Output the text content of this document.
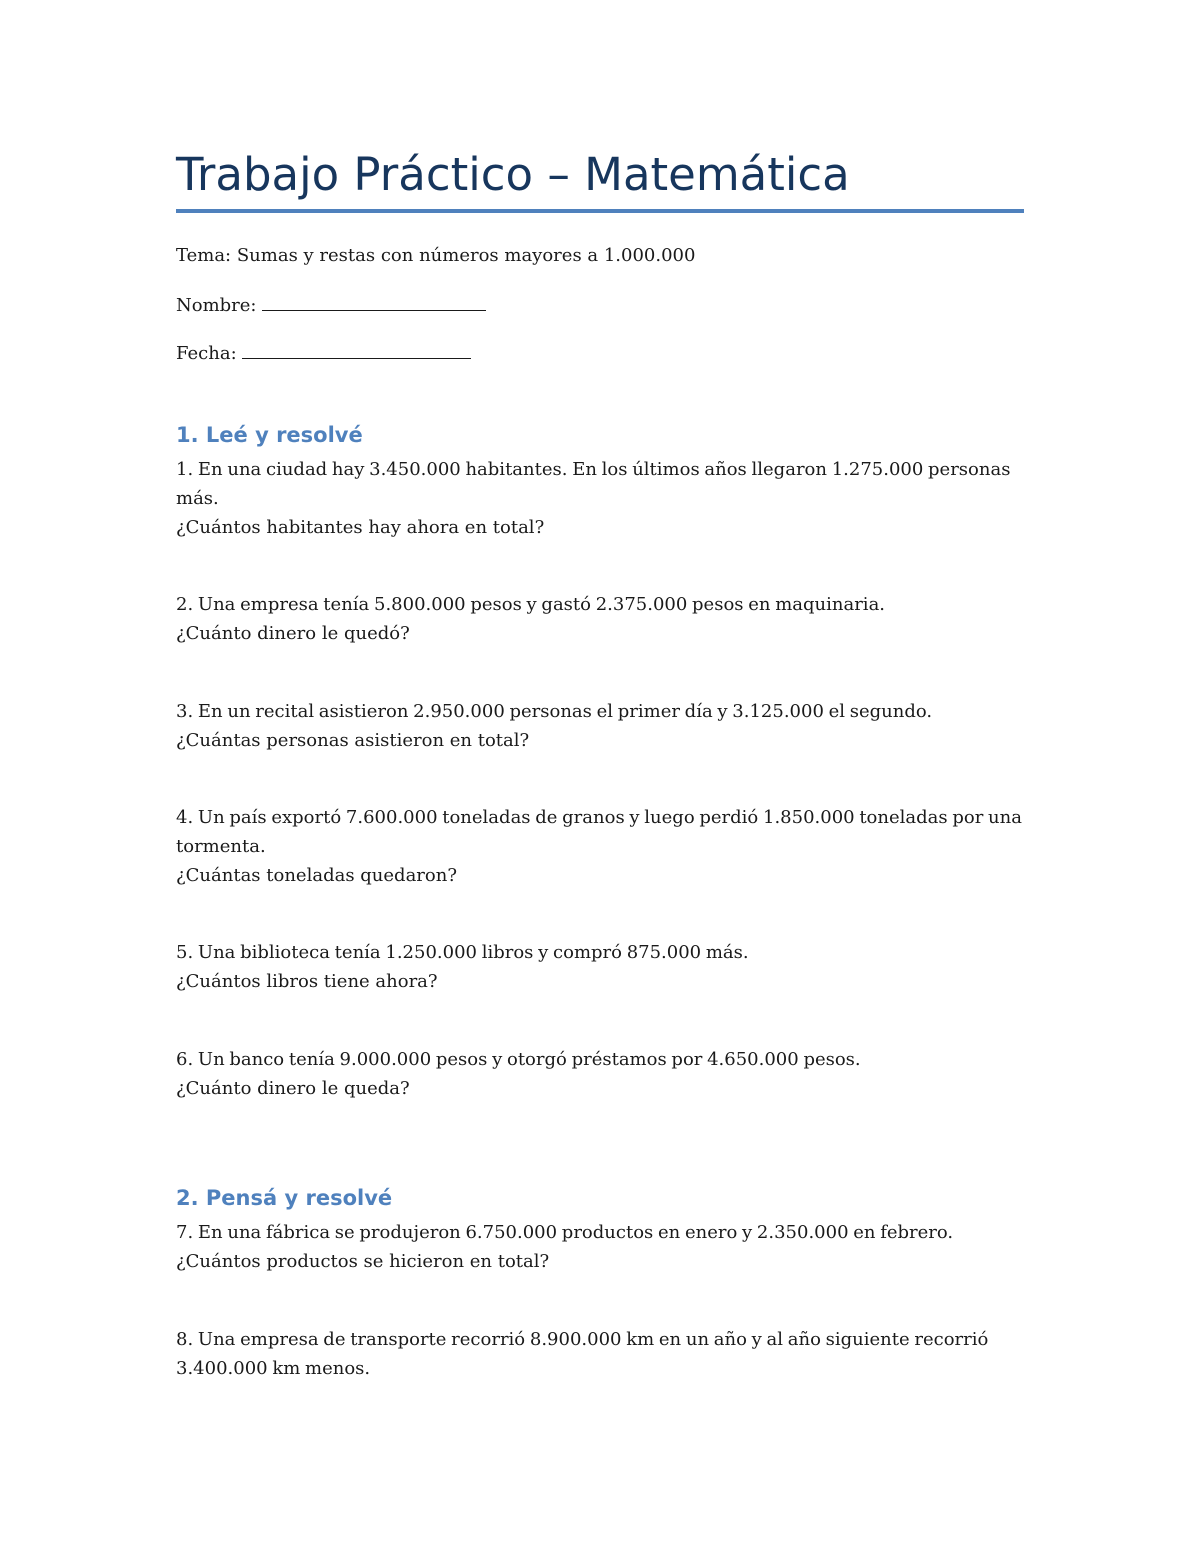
Trabajo Práctico – Matemática
Tema: Sumas y restas con números mayores a 1.000.000
Nombre:
Fecha:
1. Leé y resolvé
1. En una ciudad hay 3.450.000 habitantes. En los últimos años llegaron 1.275.000 personas más.
¿Cuántos habitantes hay ahora en total?
2. Una empresa tenía 5.800.000 pesos y gastó 2.375.000 pesos en maquinaria.
¿Cuánto dinero le quedó?
3. En un recital asistieron 2.950.000 personas el primer día y 3.125.000 el segundo.
¿Cuántas personas asistieron en total?
4. Un país exportó 7.600.000 toneladas de granos y luego perdió 1.850.000 toneladas por una tormenta.
¿Cuántas toneladas quedaron?
5. Una biblioteca tenía 1.250.000 libros y compró 875.000 más.
¿Cuántos libros tiene ahora?
6. Un banco tenía 9.000.000 pesos y otorgó préstamos por 4.650.000 pesos.
¿Cuánto dinero le queda?
2. Pensá y resolvé
7. En una fábrica se produjeron 6.750.000 productos en enero y 2.350.000 en febrero.
¿Cuántos productos se hicieron en total?
8. Una empresa de transporte recorrió 8.900.000 km en un año y al año siguiente recorrió 3.400.000 km menos.
